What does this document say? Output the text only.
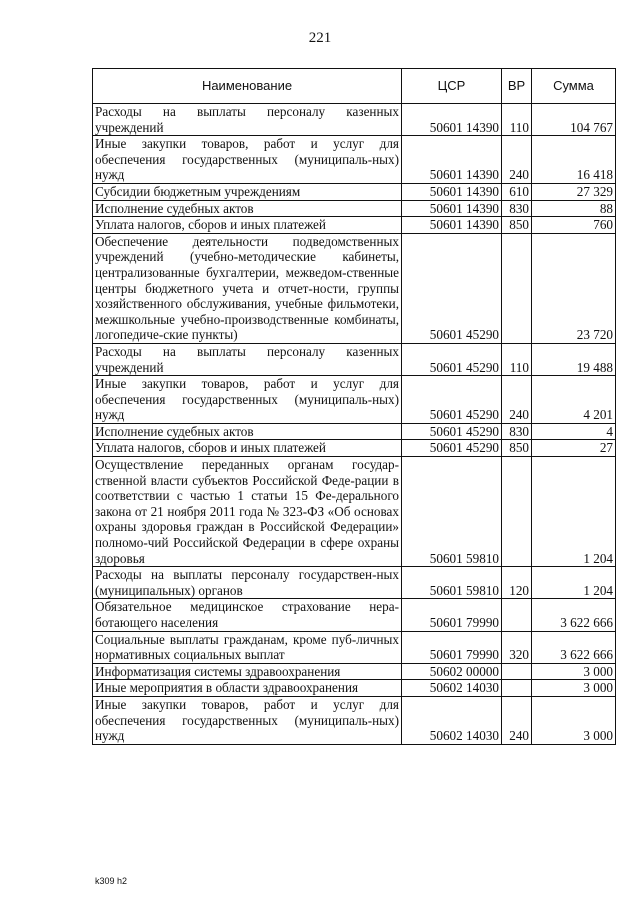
221
Наименование	ЦСР	ВР	Сумма
Расходы на выплаты персоналу казенных учреждений	50601 14390	110	104 767
Иные закупки товаров, работ и услуг для обеспечения государственных (муниципаль-ных) нужд	50601 14390	240	16 418
Субсидии бюджетным учреждениям	50601 14390	610	27 329
Исполнение судебных актов	50601 14390	830	88
Уплата налогов, сборов и иных платежей	50601 14390	850	760
Обеспечение деятельности подведомственных учреждений (учебно-методические кабинеты, централизованные бухгалтерии, межведом-ственные центры бюджетного учета и отчет-ности, группы хозяйственного обслуживания, учебные фильмотеки, межшкольные учебно-производственные комбинаты, логопедиче-ские пункты)	50601 45290		23 720
Расходы на выплаты персоналу казенных учреждений	50601 45290	110	19 488
Иные закупки товаров, работ и услуг для обеспечения государственных (муниципаль-ных) нужд	50601 45290	240	4 201
Исполнение судебных актов	50601 45290	830	4
Уплата налогов, сборов и иных платежей	50601 45290	850	27
Осуществление переданных органам государ-ственной власти субъектов Российской Феде-рации в соответствии с частью 1 статьи 15 Фе-дерального закона от 21 ноября 2011 года № 323-ФЗ «Об основах охраны здоровья граждан в Российской Федерации» полномо-чий Российской Федерации в сфере охраны здоровья	50601 59810		1 204
Расходы на выплаты персоналу государствен-ных (муниципальных) органов	50601 59810	120	1 204
Обязательное медицинское страхование нера-ботающего населения	50601 79990		3 622 666
Социальные выплаты гражданам, кроме пуб-личных нормативных социальных выплат	50601 79990	320	3 622 666
Информатизация системы здравоохранения	50602 00000		3 000
Иные мероприятия в области здравоохранения	50602 14030		3 000
Иные закупки товаров, работ и услуг для обеспечения государственных (муниципаль-ных) нужд	50602 14030	240	3 000
k309 h2
